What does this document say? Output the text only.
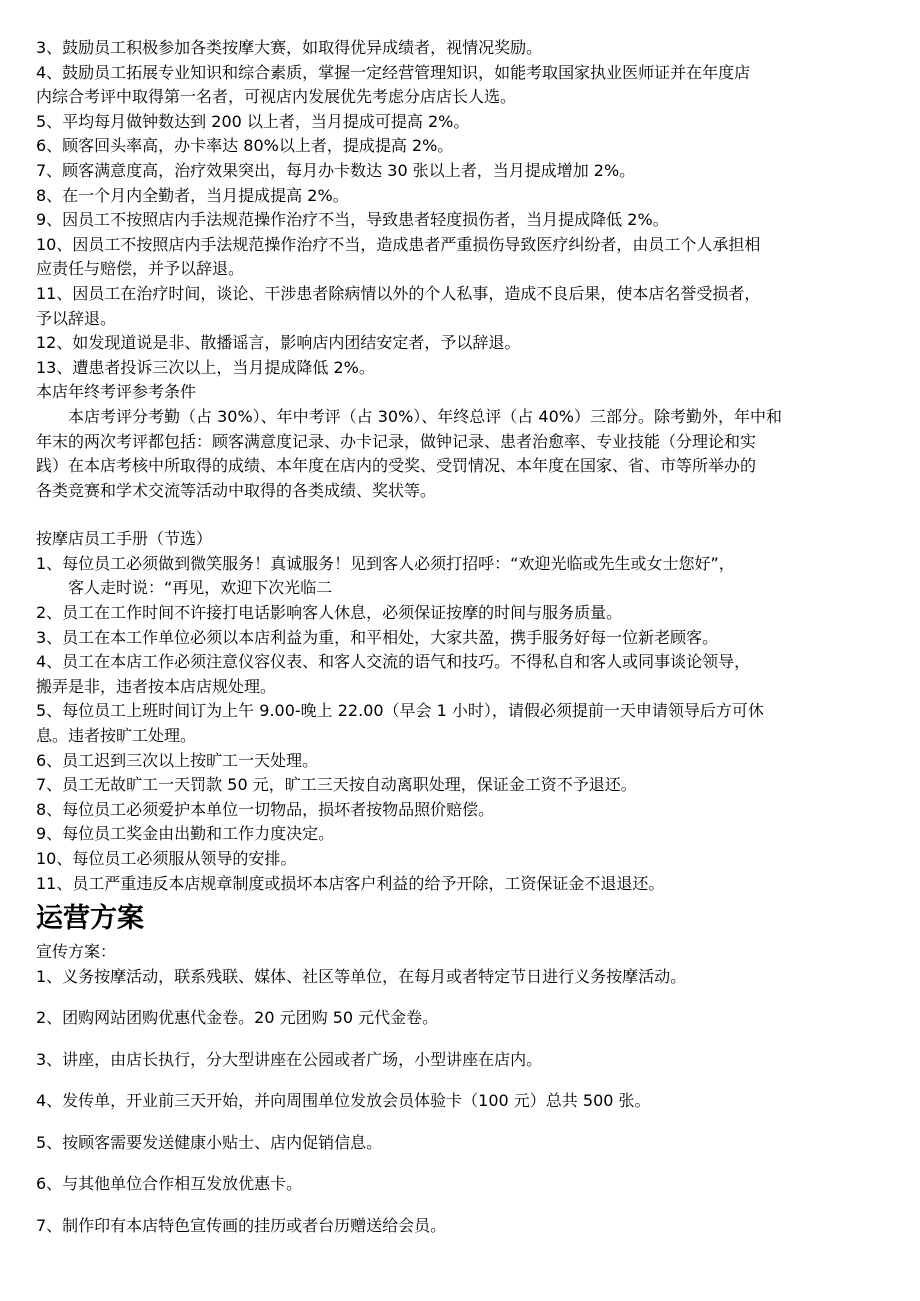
3、鼓励员工积极参加各类按摩大赛，如取得优异成绩者，视情况奖励。

4、鼓励员工拓展专业知识和综合素质，掌握一定经营管理知识，如能考取国家执业医师证并在年度店

内综合考评中取得第一名者，可视店内发展优先考虑分店店长人选。

5、平均每月做钟数达到 200 以上者，当月提成可提高 2%。

6、顾客回头率高，办卡率达 80%以上者，提成提高 2%。

7、顾客满意度高，治疗效果突出，每月办卡数达 30 张以上者，当月提成增加 2%。

8、在一个月内全勤者，当月提成提高 2%。

9、因员工不按照店内手法规范操作治疗不当，导致患者轻度损伤者，当月提成降低 2%。

10、因员工不按照店内手法规范操作治疗不当，造成患者严重损伤导致医疗纠纷者，由员工个人承担相

应责任与赔偿，并予以辞退。

11、因员工在治疗时间，谈论、干涉患者除病情以外的个人私事，造成不良后果，使本店名誉受损者，

予以辞退。

12、如发现道说是非、散播谣言，影响店内团结安定者，予以辞退。

13、遭患者投诉三次以上，当月提成降低 2%。

本店年终考评参考条件

本店考评分考勤（占 30%）、年中考评（占 30%）、年终总评（占 40%）三部分。除考勤外，年中和

年末的两次考评都包括：顾客满意度记录、办卡记录，做钟记录、患者治愈率、专业技能（分理论和实

践）在本店考核中所取得的成绩、本年度在店内的受奖、受罚情况、本年度在国家、省、市等所举办的

各类竞赛和学术交流等活动中取得的各类成绩、奖状等。

按摩店员工手册（节选）

1、每位员工必须做到微笑服务！真诚服务！见到客人必须打招呼：“欢迎光临或先生或女士您好”，

客人走时说：“再见，欢迎下次光临二

2、员工在工作时间不许接打电话影响客人休息，必须保证按摩的时间与服务质量。

3、员工在本工作单位必须以本店利益为重，和平相处，大家共盈，携手服务好每一位新老顾客。

4、员工在本店工作必须注意仪容仪表、和客人交流的语气和技巧。不得私自和客人或同事谈论领导，

搬弄是非，违者按本店店规处理。

5、每位员工上班时间订为上午 9.00-晚上 22.00（早会 1 小时），请假必须提前一天申请领导后方可休

息。违者按旷工处理。

6、员工迟到三次以上按旷工一天处理。

7、员工无故旷工一天罚款 50 元，旷工三天按自动离职处理，保证金工资不予退还。

8、每位员工必须爱护本单位一切物品，损坏者按物品照价赔偿。

9、每位员工奖金由出勤和工作力度决定。

10、每位员工必须服从领导的安排。

11、员工严重违反本店规章制度或损坏本店客户利益的给予开除，工资保证金不退退还。

运营方案

宣传方案：

1、义务按摩活动，联系残联、媒体、社区等单位，在每月或者特定节日进行义务按摩活动。

2、团购网站团购优惠代金卷。20 元团购 50 元代金卷。

3、讲座，由店长执行，分大型讲座在公园或者广场，小型讲座在店内。

4、发传单，开业前三天开始，并向周围单位发放会员体验卡（100 元）总共 500 张。

5、按顾客需要发送健康小贴士、店内促销信息。

6、与其他单位合作相互发放优惠卡。

7、制作印有本店特色宣传画的挂历或者台历赠送给会员。
